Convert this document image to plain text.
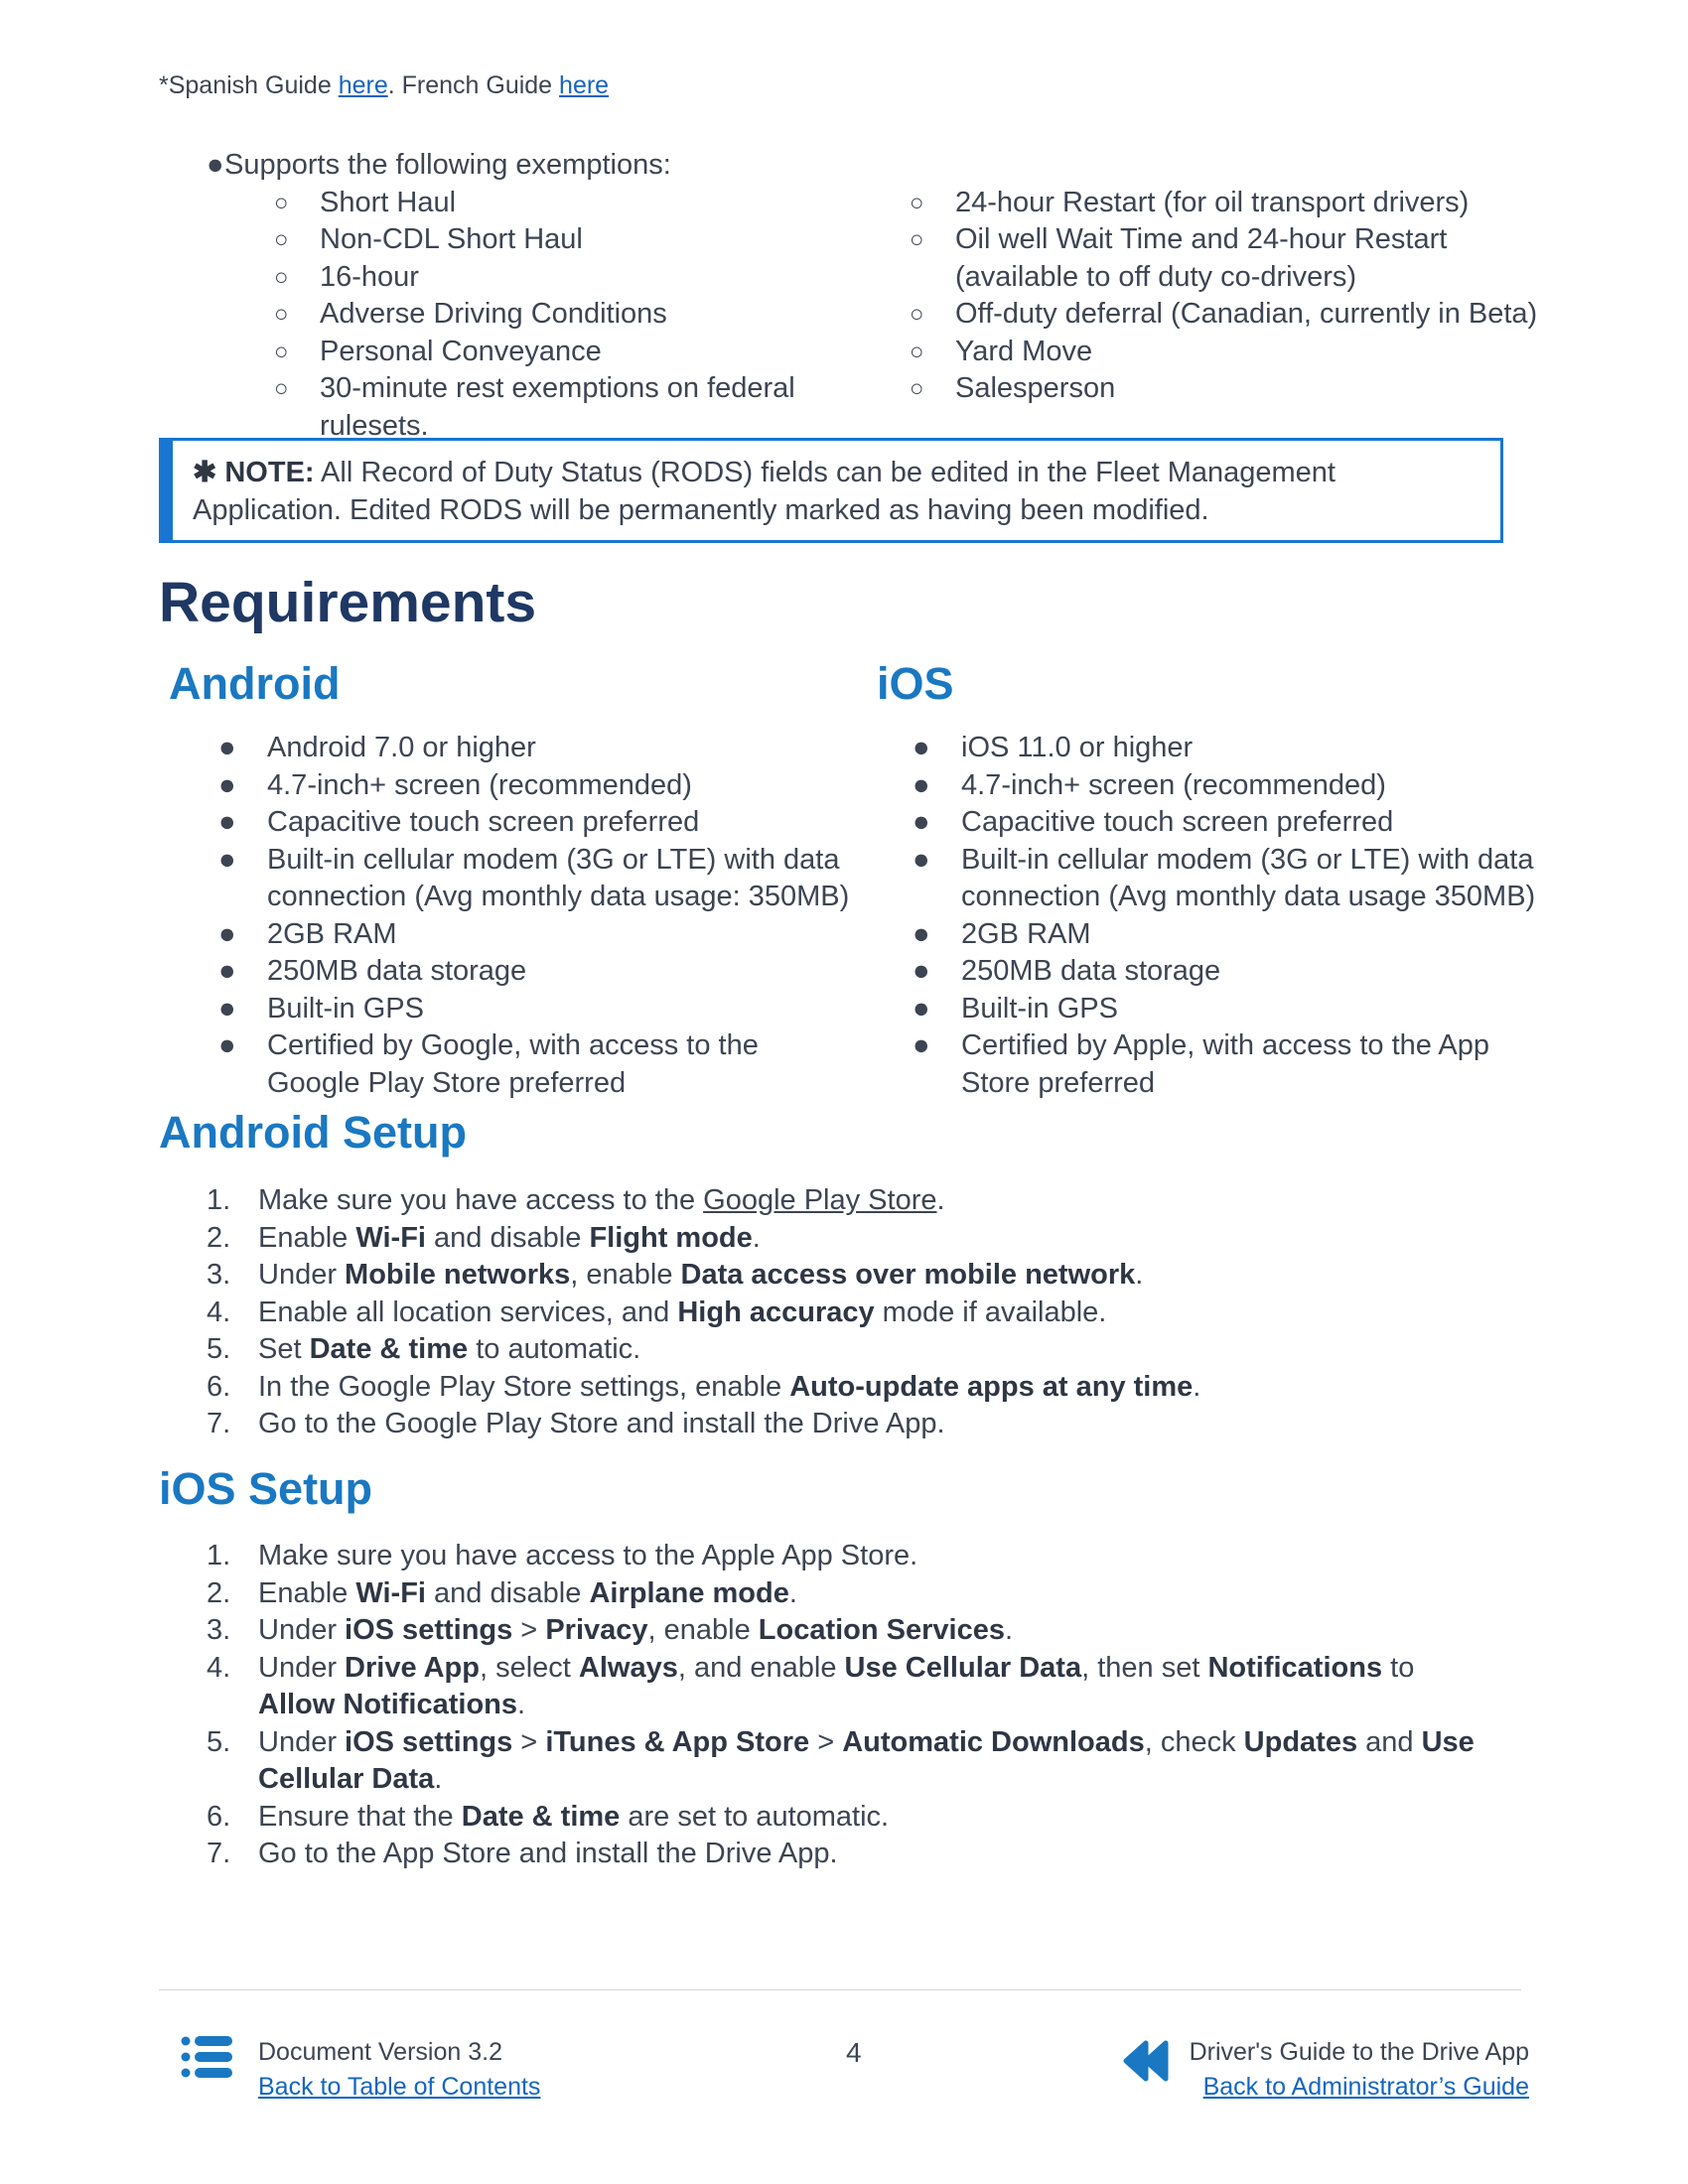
*Spanish Guide here. French Guide here
● Supports the following exemptions:
○	Short Haul
○	Non-CDL Short Haul
○	16-hour
○	Adverse Driving Conditions
○	Personal Conveyance
○	30-minute rest exemptions on federal rulesets.
○	24-hour Restart (for oil transport drivers)
○	Oil well Wait Time and 24-hour Restart (available to off duty co-drivers)
○	Off-duty deferral (Canadian, currently in Beta)
○	Yard Move
○	Salesperson
✱ NOTE: All Record of Duty Status (RODS) fields can be edited in the Fleet Management Application. Edited RODS will be permanently marked as having been modified.
Requirements
Android	iOS
●	Android 7.0 or higher
●	4.7-inch+ screen (recommended)
●	Capacitive touch screen preferred
●	Built-in cellular modem (3G or LTE) with data connection (Avg monthly data usage: 350MB)
●	2GB RAM
●	250MB data storage
●	Built-in GPS
●	Certified by Google, with access to the Google Play Store preferred
●	iOS 11.0 or higher
●	4.7-inch+ screen (recommended)
●	Capacitive touch screen preferred
●	Built-in cellular modem (3G or LTE) with data connection (Avg monthly data usage 350MB)
●	2GB RAM
●	250MB data storage
●	Built-in GPS
●	Certified by Apple, with access to the App Store preferred
Android Setup
1. Make sure you have access to the Google Play Store.
2. Enable Wi-Fi and disable Flight mode.
3. Under Mobile networks, enable Data access over mobile network.
4. Enable all location services, and High accuracy mode if available.
5. Set Date & time to automatic.
6. In the Google Play Store settings, enable Auto-update apps at any time.
7. Go to the Google Play Store and install the Drive App.
iOS Setup
1. Make sure you have access to the Apple App Store.
2. Enable Wi-Fi and disable Airplane mode.
3. Under iOS settings > Privacy, enable Location Services.
4. Under Drive App, select Always, and enable Use Cellular Data, then set Notifications to Allow Notifications.
5. Under iOS settings > iTunes & App Store > Automatic Downloads, check Updates and Use Cellular Data.
6. Ensure that the Date & time are set to automatic.
7. Go to the App Store and install the Drive App.
Document Version 3.2
Back to Table of Contents
4	Driver's Guide to the Drive App
Back to Administrator’s Guide
